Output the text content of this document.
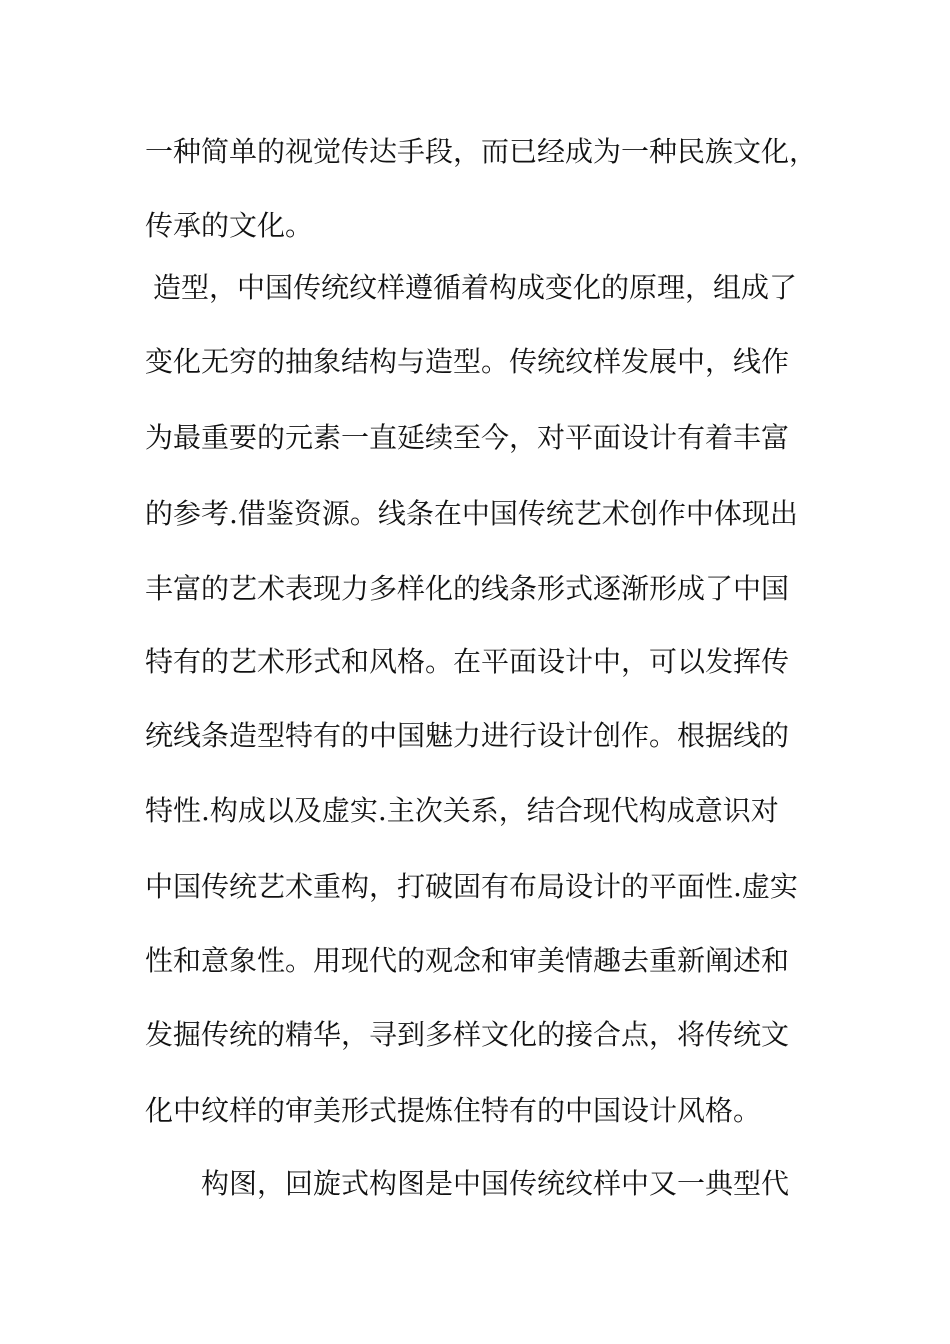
一种简单的视觉传达手段，而已经成为一种民族文化，
传承的文化。
造型，中国传统纹样遵循着构成变化的原理，组成了
变化无穷的抽象结构与造型。传统纹样发展中，线作
为最重要的元素一直延续至今，对平面设计有着丰富
的参考.借鉴资源。线条在中国传统艺术创作中体现出
丰富的艺术表现力多样化的线条形式逐渐形成了中国
特有的艺术形式和风格。在平面设计中，可以发挥传
统线条造型特有的中国魅力进行设计创作。根据线的
特性.构成以及虚实.主次关系，结合现代构成意识对
中国传统艺术重构，打破固有布局设计的平面性.虚实
性和意象性。用现代的观念和审美情趣去重新阐述和
发掘传统的精华，寻到多样文化的接合点，将传统文
化中纹样的审美形式提炼住特有的中国设计风格。
构图，回旋式构图是中国传统纹样中又一典型代
